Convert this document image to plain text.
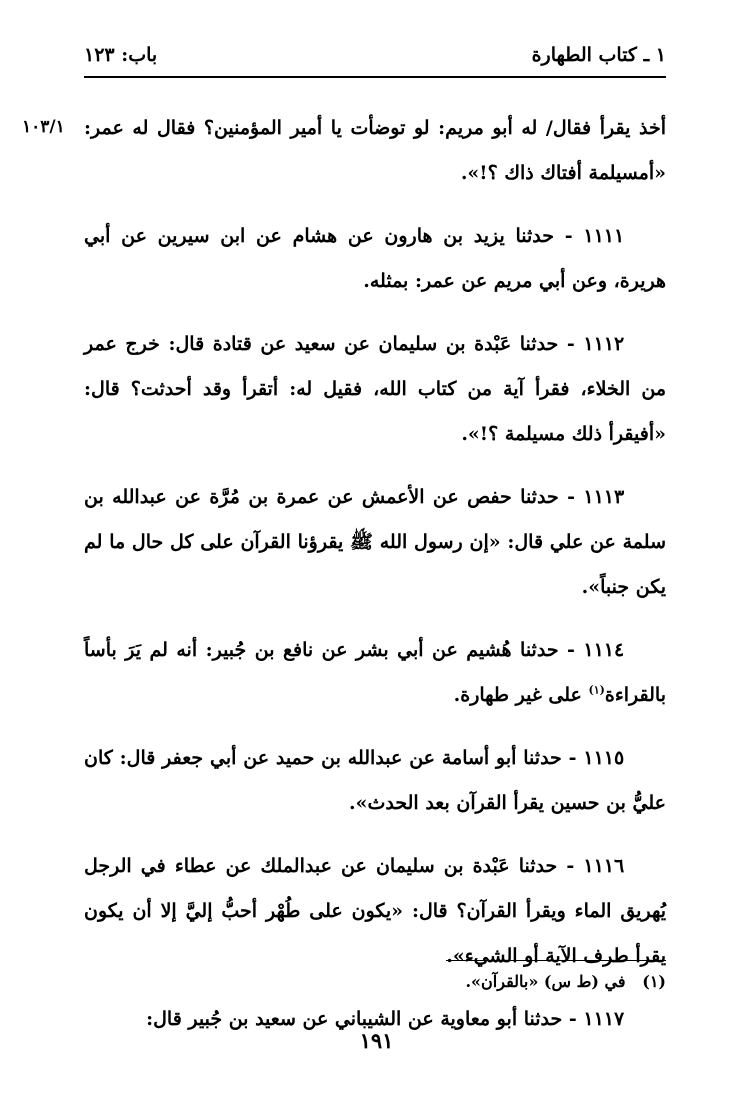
١ ـ كتاب الطهارة
باب: ١٢٣
١٠٣/١ أخذ يقرأ فقال/ له أبو مريم: لو توضأت يا أمير المؤمنين؟ فقال له عمر: «أمسيلمة أفتاك ذاك ؟!».

١١١١ - حدثنا يزيد بن هارون عن هشام عن ابن سيرين عن أبي هريرة، وعن أبي مريم عن عمر: بمثله.

١١١٢ - حدثنا عَبْدة بن سليمان عن سعيد عن قتادة قال: خرج عمر من الخلاء، فقرأ آية من كتاب الله، فقيل له: أتقرأ وقد أحدثت؟ قال: «أفيقرأ ذلك مسيلمة ؟!».

١١١٣ - حدثنا حفص عن الأعمش عن عمرة بن مُرَّة عن عبدالله بن سلمة عن علي قال: «إن رسول الله ﷺ يقرؤنا القرآن على كل حال ما لم يكن جنباً».

١١١٤ - حدثنا هُشيم عن أبي بشر عن نافع بن جُبير: أنه لم يَرَ بأساً بالقراءة$^{(١)}$ على غير طهارة.

١١١٥ - حدثنا أبو أسامة عن عبدالله بن حميد عن أبي جعفر قال: كان عليُّ بن حسين يقرأ القرآن بعد الحدث».

١١١٦ - حدثنا عَبْدة بن سليمان عن عبدالملك عن عطاء في الرجل يُهريق الماء ويقرأ القرآن؟ قال: «يكون على طُهْر أحبُّ إليَّ إلا أن يكون يقرأ طرف الآية أو الشيء».

١١١٧ - حدثنا أبو معاوية عن الشيباني عن سعيد بن جُبير قال:

(١)   في (ط س) «بالقرآن».
١٩١
